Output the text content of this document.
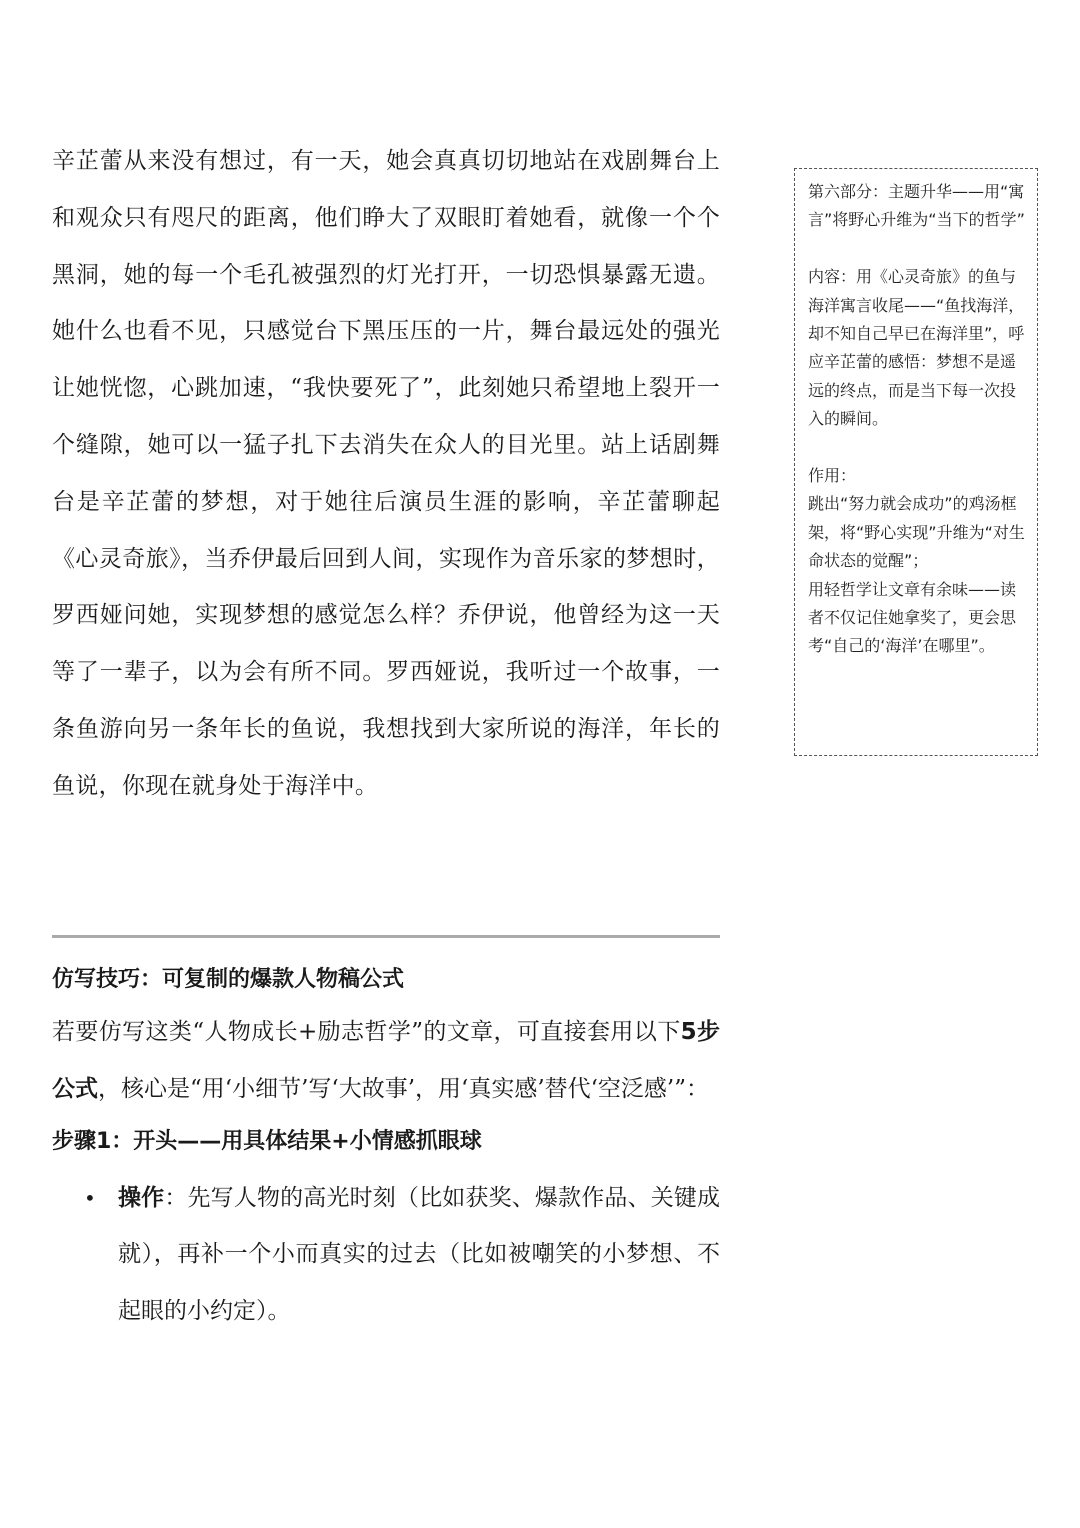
辛芷蕾从来没有想过，有一天，她会真真切切地站在戏剧舞台上和观众只有咫尺的距离，他们睁大了双眼盯着她看，就像一个个黑洞，她的每一个毛孔被强烈的灯光打开，一切恐惧暴露无遗。她什么也看不见，只感觉台下黑压压的一片，舞台最远处的强光让她恍惚，心跳加速，“我快要死了”，此刻她只希望地上裂开一个缝隙，她可以一猛子扎下去消失在众人的目光里。站上话剧舞台是辛芷蕾的梦想，对于她往后演员生涯的影响，辛芷蕾聊起《心灵奇旅》，当乔伊最后回到人间，实现作为音乐家的梦想时，罗西娅问她，实现梦想的感觉怎么样？乔伊说，他曾经为这一天等了一辈子，以为会有所不同。罗西娅说，我听过一个故事，一条鱼游向另一条年长的鱼说，我想找到大家所说的海洋，年长的鱼说，你现在就身处于海洋中。

第六部分：主题升华——用“寓言”将野心升维为“当下的哲学”

内容：用《心灵奇旅》的鱼与海洋寓言收尾——“鱼找海洋，却不知自己早已在海洋里”，呼应辛芷蕾的感悟：梦想不是遥远的终点，而是当下每一次投入的瞬间。

作用：

跳出“努力就会成功”的鸡汤框架，将“野心实现”升维为“对生命状态的觉醒”；

用轻哲学让文章有余味——读者不仅记住她拿奖了，更会思考“自己的‘海洋’在哪里”。

仿写技巧：可复制的爆款人物稿公式

若要仿写这类“人物成长+励志哲学”的文章，可直接套用以下5步公式，核心是“用‘小细节’写‘大故事’，用‘真实感’替代‘空泛感’”：

步骤1：开头——用具体结果+小情感抓眼球

• 操作：先写人物的高光时刻（比如获奖、爆款作品、关键成就），再补一个小而真实的过去（比如被嘲笑的小梦想、不起眼的小约定）。
